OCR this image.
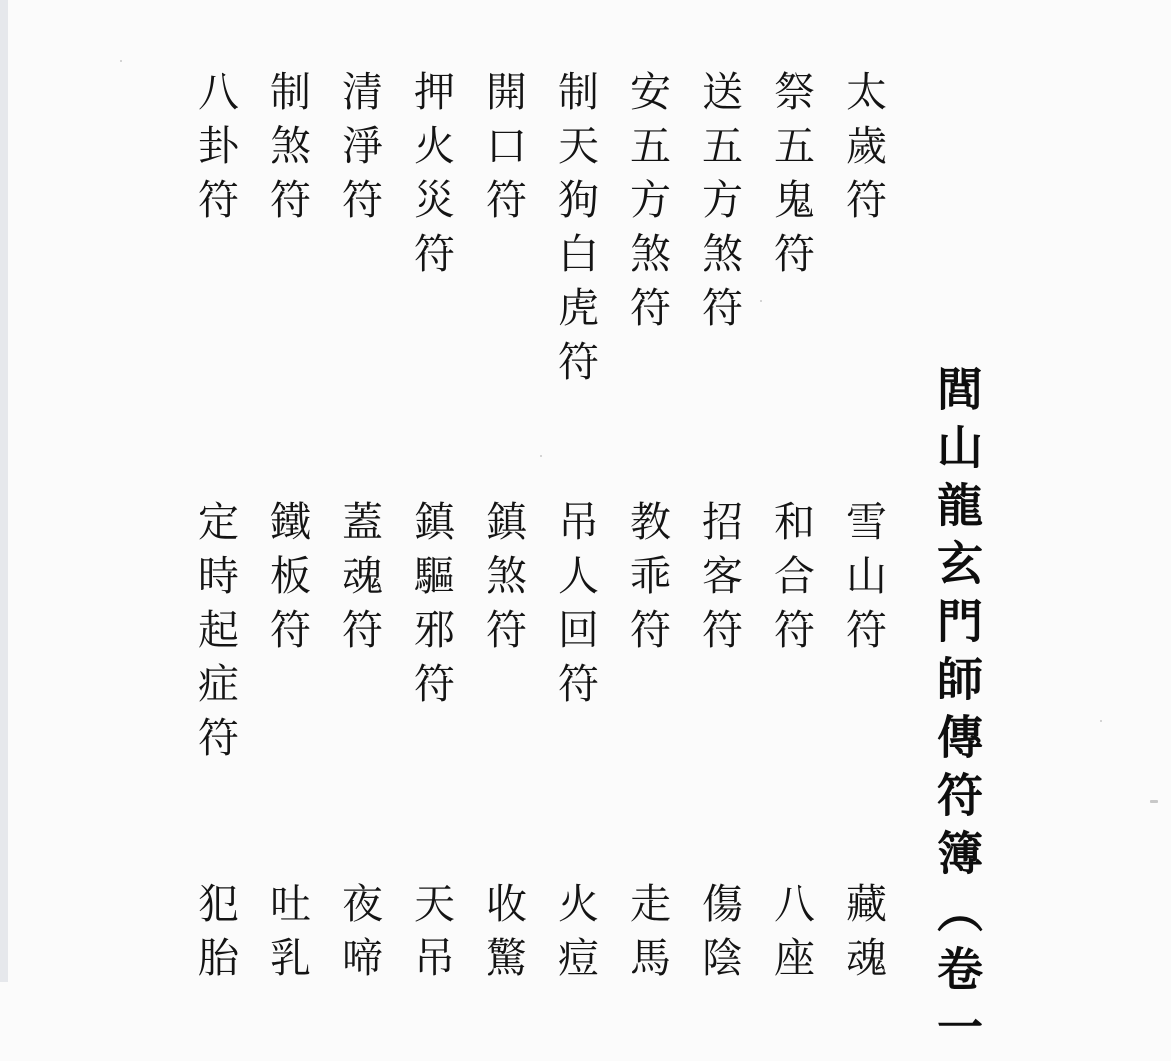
閭山龍玄門師傳符簿（卷一
太歲符
祭五鬼符
送五方煞符
安五方煞符
制天狗白虎符
開口符
押火災符
清淨符
制煞符
八卦符
雪山符
和合符
招客符
教乖符
吊人回符
鎮煞符
鎮驅邪符
蓋魂符
鐵板符
定時起症符
藏魂
八座
傷陰
走馬
火痘
收驚
天吊
夜啼
吐乳
犯胎
